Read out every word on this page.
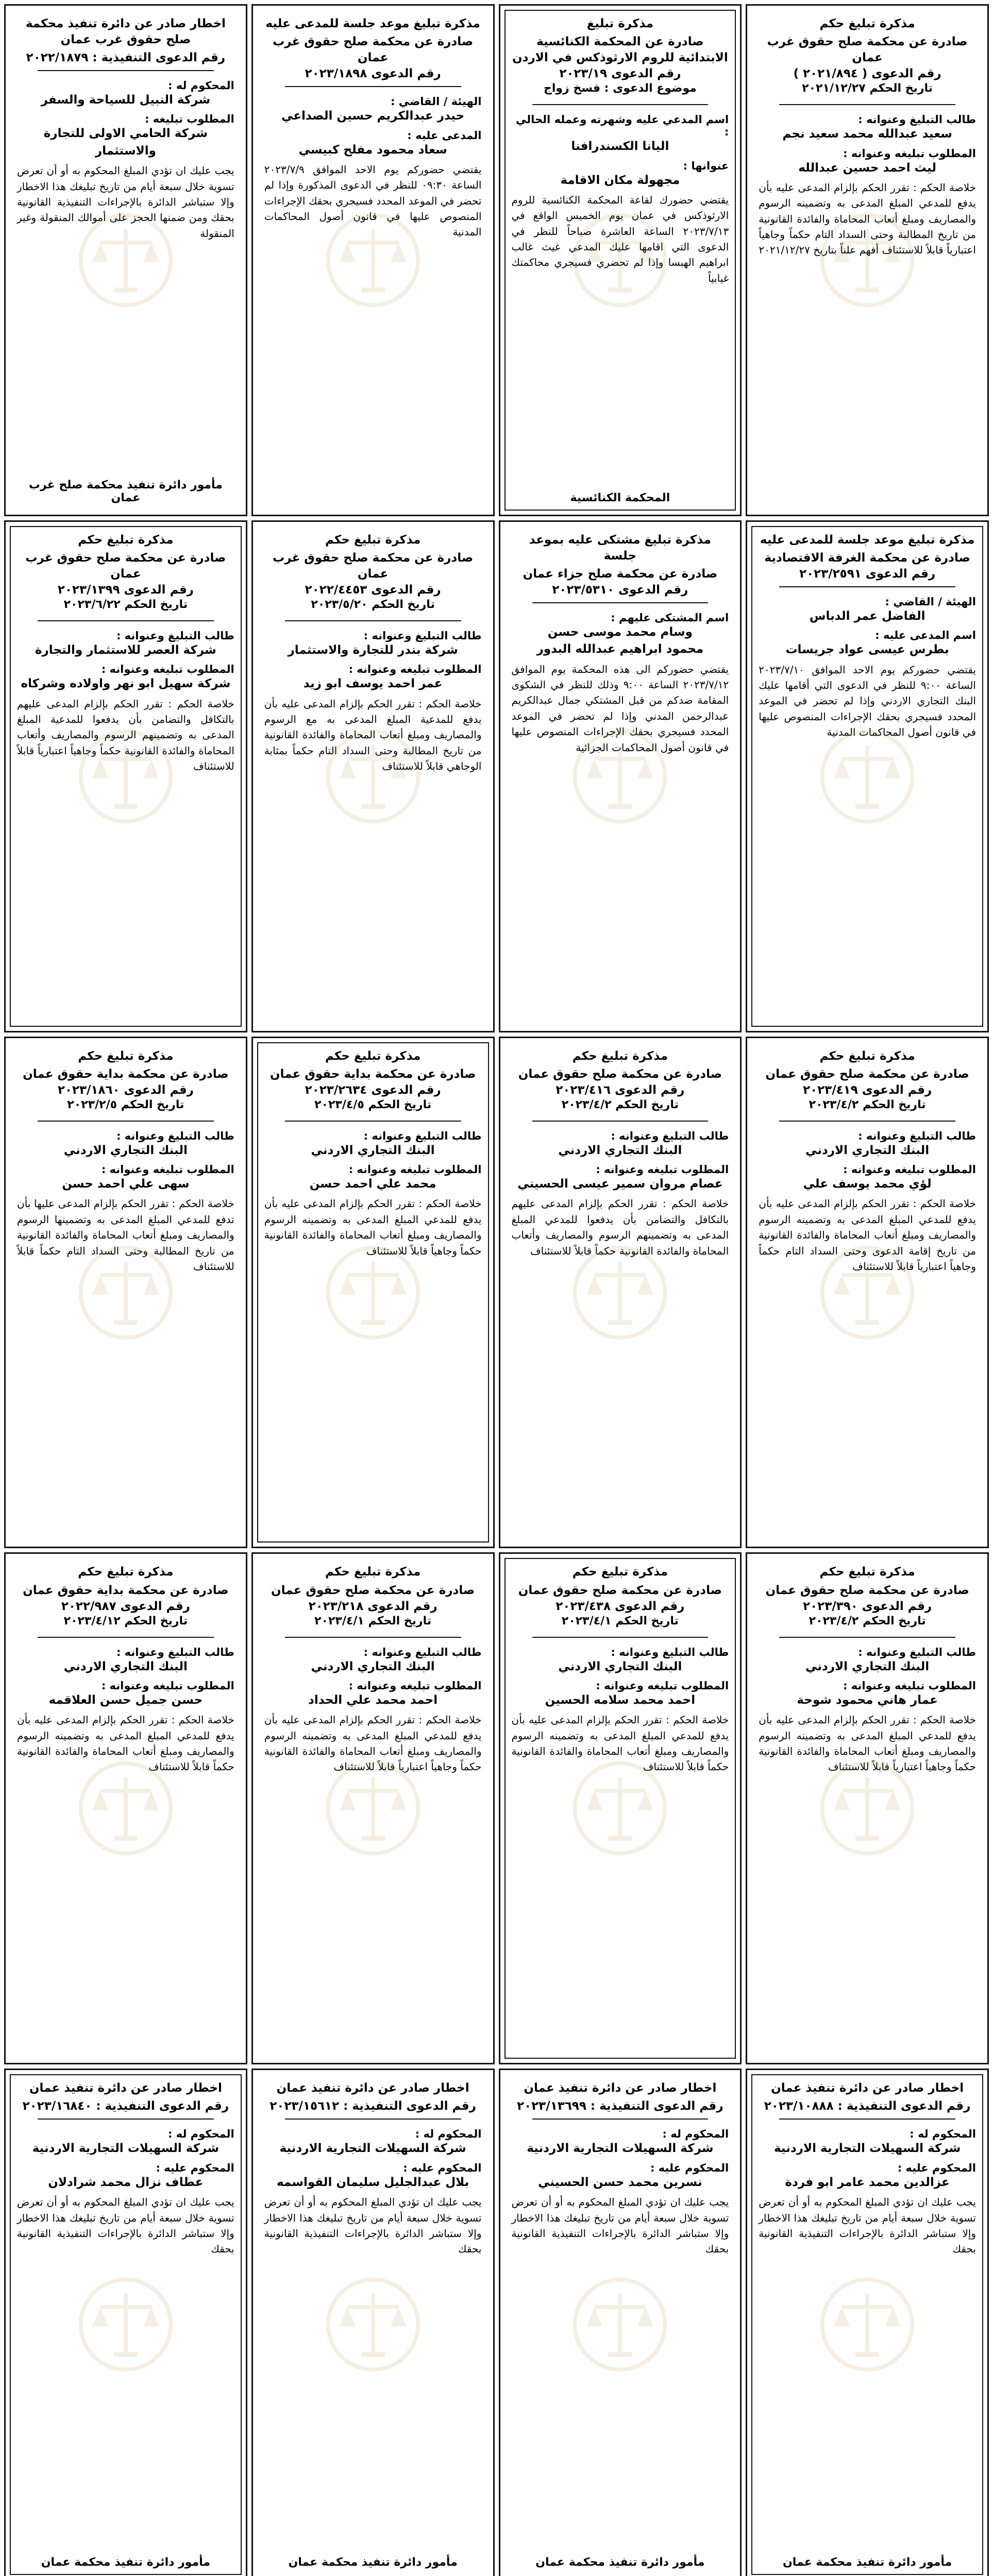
مذكرة تبليغ حكم
صادرة عن محكمة صلح حقوق غرب عمان
رقم الدعوى ( ٢٠٢١/٨٩٤ )
تاريخ الحكم ٢٠٢١/١٢/٢٧
طالب التبليغ وعنوانه :
سعيد عبدالله محمد سعيد نجم
المطلوب تبليغه وعنوانه :
ليث احمد حسين عبدالله
خلاصة الحكم : تقرر الحكم بإلزام المدعى عليه بأن يدفع للمدعي المبلغ المدعى به وتضمينه الرسوم والمصاريف ومبلغ أتعاب المحاماة والفائدة القانونية من تاريخ المطالبة وحتى السداد التام حكماً وجاهياً اعتبارياً قابلاً للاستئناف أفهم علناً بتاريخ ٢٠٢١/١٢/٢٧
مذكرة تبليغ
صادرة عن المحكمة الكنائسية الابتدائية للروم الارثوذكس في الاردن
رقم الدعوى ٢٠٢٣/١٩
موضوع الدعوى : فسخ زواج
اسم المدعي عليه وشهرته وعمله الحالي :
اليانا الكسندرافنا
عنوانها :
مجهولة مكان الاقامة
يقتضي حضورك لقاعة المحكمة الكنائسية للروم الارثوذكس في عمان يوم الخميس الواقع في ٢٠٢٣/٧/١٣ الساعة العاشرة صباحاً للنظر في الدعوى التي اقامها عليك المدعي غيث غالب ابراهيم الهبسا وإذا لم تحضري فسيجري محاكمتك غيابياً
المحكمة الكنائسية
مذكرة تبليغ موعد جلسة للمدعى عليه
صادرة عن محكمة صلح حقوق غرب عمان
رقم الدعوى ٢٠٢٣/١٨٩٨
الهيئة / القاضي :
حيدر عبدالكريم حسين الصداعي
المدعى عليه :
سعاد محمود مفلح كبيسي
يقتضي حضوركم يوم الاحد الموافق ٢٠٢٣/٧/٩ الساعة ٠٩:٣٠ للنظر في الدعوى المذكورة وإذا لم تحضر في الموعد المحدد فسيجري بحقك الإجراءات المنصوص عليها في قانون أصول المحاكمات المدنية
اخطار صادر عن دائرة تنفيذ محكمة صلح حقوق غرب عمان
رقم الدعوى التنفيذية : ٢٠٢٢/١٨٧٩
المحكوم له :
شركة النبيل للسياحة والسفر
المطلوب تبليغه :
شركة الحامي الاولى للتجارة والاستثمار
يجب عليك ان تؤدي المبلغ المحكوم به أو أن تعرض تسوية خلال سبعة أيام من تاريخ تبليغك هذا الاخطار وإلا ستباشر الدائرة بالإجراءات التنفيذية القانونية بحقك ومن ضمنها الحجز على أموالك المنقولة وغير المنقولة
مأمور دائرة تنفيذ محكمة صلح غرب عمان
مذكرة تبليغ موعد جلسة للمدعى عليه
صادرة عن محكمة الغرفة الاقتصادية
رقم الدعوى ٢٠٢٣/٢٥٩١
الهيئة / القاضي :
الفاضل عمر الدباس
اسم المدعى عليه :
بطرس عيسى عواد جريسات
يقتضي حضوركم يوم الاحد الموافق ٢٠٢٣/٧/١٠ الساعة ٩:٠٠ للنظر في الدعوى التي أقامها عليك البنك التجاري الاردني وإذا لم تحضر في الموعد المحدد فسيجري بحقك الإجراءات المنصوص عليها في قانون أصول المحاكمات المدنية
مذكرة تبليغ مشتكى عليه بموعد جلسة
صادرة عن محكمة صلح جزاء عمان
رقم الدعوى ٢٠٢٣/٥٣١٠
اسم المشتكى عليهم :
وسام محمد موسى حسن
محمود ابراهيم عبدالله البدور
يقتضي حضوركم الى هذه المحكمة يوم الموافق ٢٠٢٣/٧/١٢ الساعة ٩:٠٠ وذلك للنظر في الشكوى المقامة ضدكم من قبل المشتكي جمال عبدالكريم عبدالرحمن المدني وإذا لم تحضر في الموعد المحدد فسيجري بحقك الإجراءات المنصوص عليها في قانون أصول المحاكمات الجزائية
مذكرة تبليغ حكم
صادرة عن محكمة صلح حقوق غرب عمان
رقم الدعوى ٢٠٢٢/٤٤٥٣
تاريخ الحكم ٢٠٢٣/٥/٢٠
طالب التبليغ وعنوانه :
شركة بندر للتجارة والاستثمار
المطلوب تبليغه وعنوانه :
عمر احمد يوسف ابو زيد
خلاصة الحكم : تقرر الحكم بإلزام المدعى عليه بأن يدفع للمدعية المبلغ المدعى به مع الرسوم والمصاريف ومبلغ أتعاب المحاماة والفائدة القانونية من تاريخ المطالبة وحتى السداد التام حكماً بمثابة الوجاهي قابلاً للاستئناف
مذكرة تبليغ حكم
صادرة عن محكمة صلح حقوق غرب عمان
رقم الدعوى ٢٠٢٣/١٣٩٩
تاريخ الحكم ٢٠٢٣/٦/٢٢
طالب التبليغ وعنوانه :
شركة العصر للاستثمار والتجارة
المطلوب تبليغه وعنوانه :
شركة سهيل ابو نهر واولاده وشركاه
خلاصة الحكم : تقرر الحكم بإلزام المدعى عليهم بالتكافل والتضامن بأن يدفعوا للمدعية المبلغ المدعى به وتضمينهم الرسوم والمصاريف وأتعاب المحاماة والفائدة القانونية حكماً وجاهياً اعتبارياً قابلاً للاستئناف
مذكرة تبليغ حكم
صادرة عن محكمة صلح حقوق عمان
رقم الدعوى ٢٠٢٣/٤١٩
تاريخ الحكم ٢٠٢٣/٤/٢
طالب التبليغ وعنوانه :
البنك التجاري الاردني
المطلوب تبليغه وعنوانه :
لؤي محمد يوسف علي
خلاصة الحكم : تقرر الحكم بإلزام المدعى عليه بأن يدفع للمدعي المبلغ المدعى به وتضمينه الرسوم والمصاريف ومبلغ أتعاب المحاماة والفائدة القانونية من تاريخ إقامة الدعوى وحتى السداد التام حكماً وجاهياً اعتبارياً قابلاً للاستئناف
مذكرة تبليغ حكم
صادرة عن محكمة صلح حقوق عمان
رقم الدعوى ٢٠٢٣/٤١٦
تاريخ الحكم ٢٠٢٣/٤/٢
طالب التبليغ وعنوانه :
البنك التجاري الاردني
المطلوب تبليغه وعنوانه :
عصام مروان سمير عيسى الحسيني
خلاصة الحكم : تقرر الحكم بإلزام المدعى عليهم بالتكافل والتضامن بأن يدفعوا للمدعي المبلغ المدعى به وتضمينهم الرسوم والمصاريف وأتعاب المحاماة والفائدة القانونية حكماً قابلاً للاستئناف
مذكرة تبليغ حكم
صادرة عن محكمة بداية حقوق عمان
رقم الدعوى ٢٠٢٣/٢٦٣٤
تاريخ الحكم ٢٠٢٣/٤/٥
طالب التبليغ وعنوانه :
البنك التجاري الاردني
المطلوب تبليغه وعنوانه :
محمد علي احمد حسن
خلاصة الحكم : تقرر الحكم بإلزام المدعى عليه بأن يدفع للمدعي المبلغ المدعى به وتضمينه الرسوم والمصاريف ومبلغ أتعاب المحاماة والفائدة القانونية حكماً وجاهياً قابلاً للاستئناف
مذكرة تبليغ حكم
صادرة عن محكمة بداية حقوق عمان
رقم الدعوى ٢٠٢٣/١٨٦٠
تاريخ الحكم ٢٠٢٣/٢/٥
طالب التبليغ وعنوانه :
البنك التجاري الاردني
المطلوب تبليغه وعنوانه :
سهى علي احمد حسن
خلاصة الحكم : تقرر الحكم بإلزام المدعى عليها بأن تدفع للمدعي المبلغ المدعى به وتضمينها الرسوم والمصاريف ومبلغ أتعاب المحاماة والفائدة القانونية من تاريخ المطالبة وحتى السداد التام حكماً قابلاً للاستئناف
مذكرة تبليغ حكم
صادرة عن محكمة صلح حقوق عمان
رقم الدعوى ٢٠٢٣/٣٩٠
تاريخ الحكم ٢٠٢٣/٤/٢
طالب التبليغ وعنوانه :
البنك التجاري الاردني
المطلوب تبليغه وعنوانه :
عمار هاني محمود شوحة
خلاصة الحكم : تقرر الحكم بإلزام المدعى عليه بأن يدفع للمدعي المبلغ المدعى به وتضمينه الرسوم والمصاريف ومبلغ أتعاب المحاماة والفائدة القانونية حكماً وجاهياً اعتبارياً قابلاً للاستئناف
مذكرة تبليغ حكم
صادرة عن محكمة صلح حقوق عمان
رقم الدعوى ٢٠٢٣/٤٣٨
تاريخ الحكم ٢٠٢٣/٤/١
طالب التبليغ وعنوانه :
البنك التجاري الاردني
المطلوب تبليغه وعنوانه :
احمد محمد سلامه الحسين
خلاصة الحكم : تقرر الحكم بإلزام المدعى عليه بأن يدفع للمدعي المبلغ المدعى به وتضمينه الرسوم والمصاريف ومبلغ أتعاب المحاماة والفائدة القانونية حكماً قابلاً للاستئناف
مذكرة تبليغ حكم
صادرة عن محكمة صلح حقوق عمان
رقم الدعوى ٢٠٢٣/٢١٨
تاريخ الحكم ٢٠٢٣/٤/١
طالب التبليغ وعنوانه :
البنك التجاري الاردني
المطلوب تبليغه وعنوانه :
احمد محمد علي الحداد
خلاصة الحكم : تقرر الحكم بإلزام المدعى عليه بأن يدفع للمدعي المبلغ المدعى به وتضمينه الرسوم والمصاريف ومبلغ أتعاب المحاماة والفائدة القانونية حكماً وجاهياً اعتبارياً قابلاً للاستئناف
مذكرة تبليغ حكم
صادرة عن محكمة بداية حقوق عمان
رقم الدعوى ٢٠٢٢/٩٨٧
تاريخ الحكم ٢٠٢٣/٤/١٢
طالب التبليغ وعنوانه :
البنك التجاري الاردني
المطلوب تبليغه وعنوانه :
حسن جميل حسن العلاقمه
خلاصة الحكم : تقرر الحكم بإلزام المدعى عليه بأن يدفع للمدعي المبلغ المدعى به وتضمينه الرسوم والمصاريف ومبلغ أتعاب المحاماة والفائدة القانونية حكماً قابلاً للاستئناف
اخطار صادر عن دائرة تنفيذ عمان
رقم الدعوى التنفيذية : ٢٠٢٣/١٠٨٨٨
المحكوم له :
شركة السهيلات التجارية الاردنية
المحكوم عليه :
عزالدين محمد عامر ابو فردة
يجب عليك ان تؤدي المبلغ المحكوم به أو أن تعرض تسوية خلال سبعة أيام من تاريخ تبليغك هذا الاخطار وإلا ستباشر الدائرة بالإجراءات التنفيذية القانونية بحقك
مأمور دائرة تنفيذ محكمة عمان
اخطار صادر عن دائرة تنفيذ عمان
رقم الدعوى التنفيذية : ٢٠٢٣/١٣٦٩٩
المحكوم له :
شركة السهيلات التجارية الاردنية
المحكوم عليه :
نسرين محمد حسن الحسيني
يجب عليك ان تؤدي المبلغ المحكوم به أو أن تعرض تسوية خلال سبعة أيام من تاريخ تبليغك هذا الاخطار وإلا ستباشر الدائرة بالإجراءات التنفيذية القانونية بحقك
مأمور دائرة تنفيذ محكمة عمان
اخطار صادر عن دائرة تنفيذ عمان
رقم الدعوى التنفيذية : ٢٠٢٣/١٥٦١٢
المحكوم له :
شركة السهيلات التجارية الاردنية
المحكوم عليه :
بلال عبدالجليل سليمان القواسمه
يجب عليك ان تؤدي المبلغ المحكوم به أو أن تعرض تسوية خلال سبعة أيام من تاريخ تبليغك هذا الاخطار وإلا ستباشر الدائرة بالإجراءات التنفيذية القانونية بحقك
مأمور دائرة تنفيذ محكمة عمان
اخطار صادر عن دائرة تنفيذ عمان
رقم الدعوى التنفيذية : ٢٠٢٣/١٦٨٤٠
المحكوم له :
شركة السهيلات التجارية الاردنية
المحكوم عليه :
عطاف نزال محمد شرادلان
يجب عليك ان تؤدي المبلغ المحكوم به أو أن تعرض تسوية خلال سبعة أيام من تاريخ تبليغك هذا الاخطار وإلا ستباشر الدائرة بالإجراءات التنفيذية القانونية بحقك
مأمور دائرة تنفيذ محكمة عمان
